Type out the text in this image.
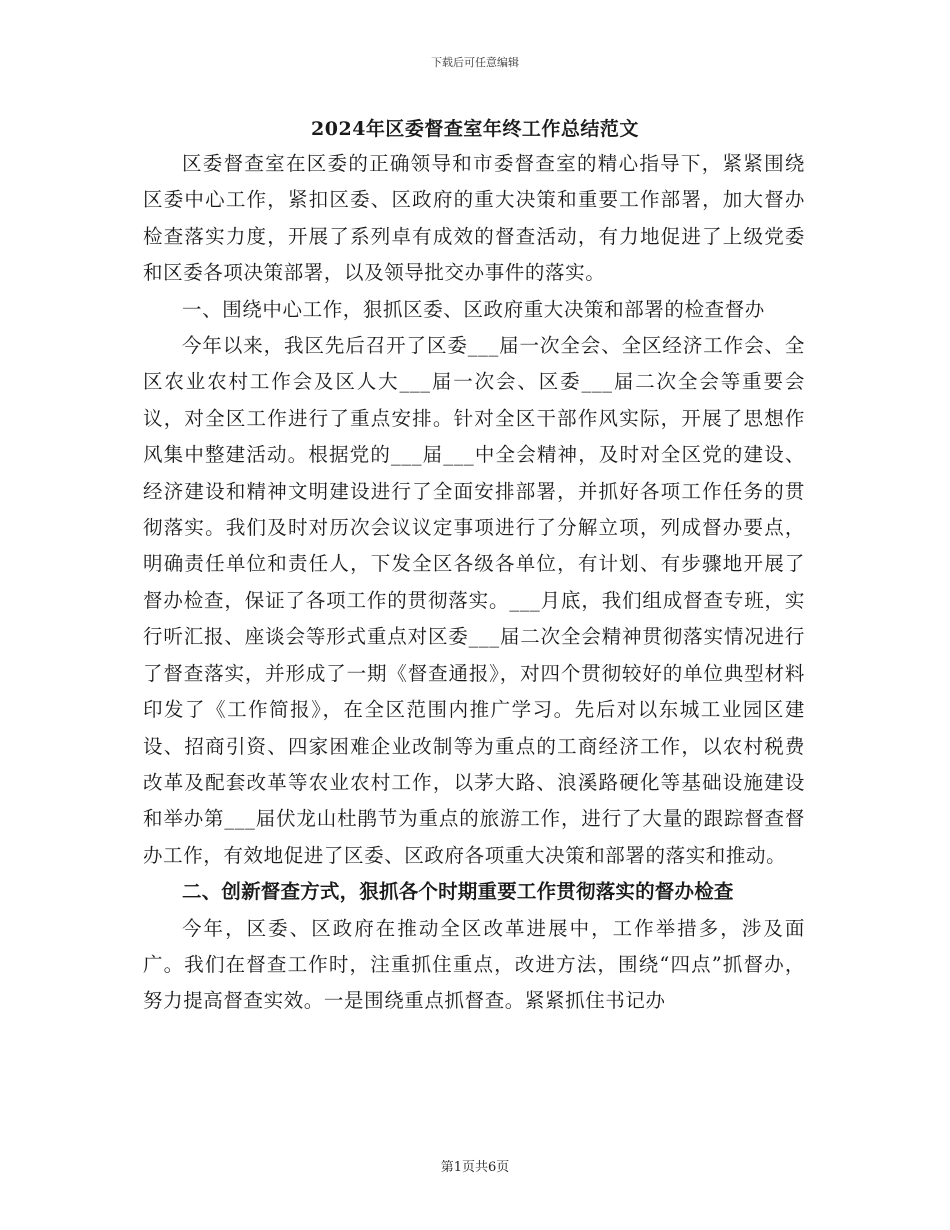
下载后可任意编辑
2024年区委督查室年终工作总结范文

区委督查室在区委的正确领导和市委督查室的精心指导下，紧紧围绕区委中心工作，紧扣区委、区政府的重大决策和重要工作部署，加大督办检查落实力度，开展了系列卓有成效的督查活动，有力地促进了上级党委和区委各项决策部署，以及领导批交办事件的落实。

一、围绕中心工作，狠抓区委、区政府重大决策和部署的检查督办

今年以来，我区先后召开了区委___届一次全会、全区经济工作会、全区农业农村工作会及区人大___届一次会、区委___届二次全会等重要会议，对全区工作进行了重点安排。针对全区干部作风实际，开展了思想作风集中整建活动。根据党的___届___中全会精神，及时对全区党的建设、经济建设和精神文明建设进行了全面安排部署，并抓好各项工作任务的贯彻落实。我们及时对历次会议议定事项进行了分解立项，列成督办要点，明确责任单位和责任人，下发全区各级各单位，有计划、有步骤地开展了督办检查，保证了各项工作的贯彻落实。___月底，我们组成督查专班，实行听汇报、座谈会等形式重点对区委___届二次全会精神贯彻落实情况进行了督查落实，并形成了一期《督查通报》，对四个贯彻较好的单位典型材料印发了《工作简报》，在全区范围内推广学习。先后对以东城工业园区建设、招商引资、四家困难企业改制等为重点的工商经济工作，以农村税费改革及配套改革等农业农村工作，以茅大路、浪溪路硬化等基础设施建设和举办第___届伏龙山杜鹃节为重点的旅游工作，进行了大量的跟踪督查督办工作，有效地促进了区委、区政府各项重大决策和部署的落实和推动。

二、创新督查方式，狠抓各个时期重要工作贯彻落实的督办检查

今年，区委、区政府在推动全区改革进展中，工作举措多，涉及面广。我们在督查工作时，注重抓住重点，改进方法，围绕“四点”抓督办，努力提高督查实效。一是围绕重点抓督查。紧紧抓住书记办

第1页共6页
